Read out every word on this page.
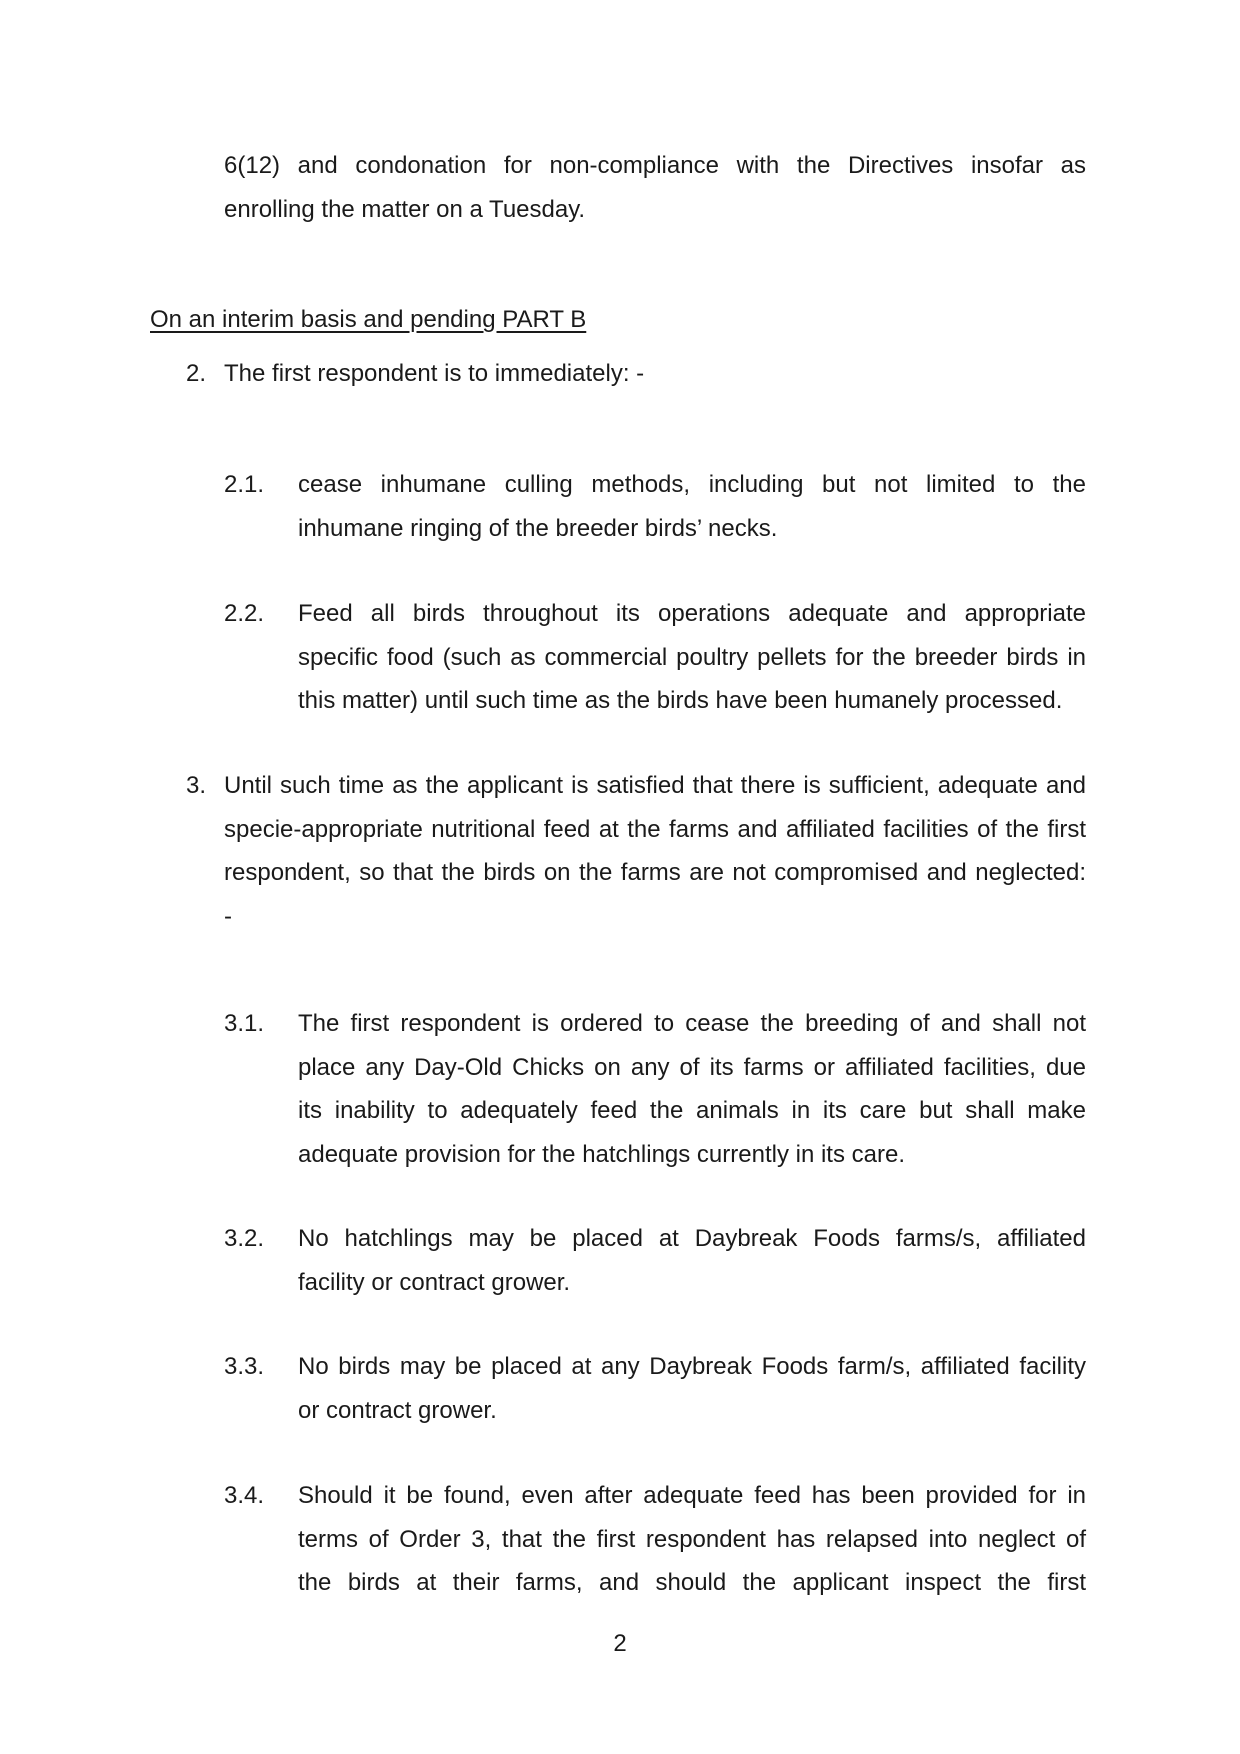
6(12) and condonation for non-compliance with the Directives insofar as
enrolling the matter on a Tuesday.

On an interim basis and pending PART B

2. The first respondent is to immediately: -

2.1. cease inhumane culling methods, including but not limited to the
inhumane ringing of the breeder birds’ necks.

2.2. Feed all birds throughout its operations adequate and appropriate
specific food (such as commercial poultry pellets for the breeder birds in
this matter) until such time as the birds have been humanely processed.

3. Until such time as the applicant is satisfied that there is sufficient, adequate and
specie-appropriate nutritional feed at the farms and affiliated facilities of the first
respondent, so that the birds on the farms are not compromised and neglected:
-

3.1. The first respondent is ordered to cease the breeding of and shall not
place any Day-Old Chicks on any of its farms or affiliated facilities, due
its inability to adequately feed the animals in its care but shall make
adequate provision for the hatchlings currently in its care.

3.2. No hatchlings may be placed at Daybreak Foods farms/s, affiliated
facility or contract grower.

3.3. No birds may be placed at any Daybreak Foods farm/s, affiliated facility
or contract grower.

3.4. Should it be found, even after adequate feed has been provided for in
terms of Order 3, that the first respondent has relapsed into neglect of
the birds at their farms, and should the applicant inspect the first

2
